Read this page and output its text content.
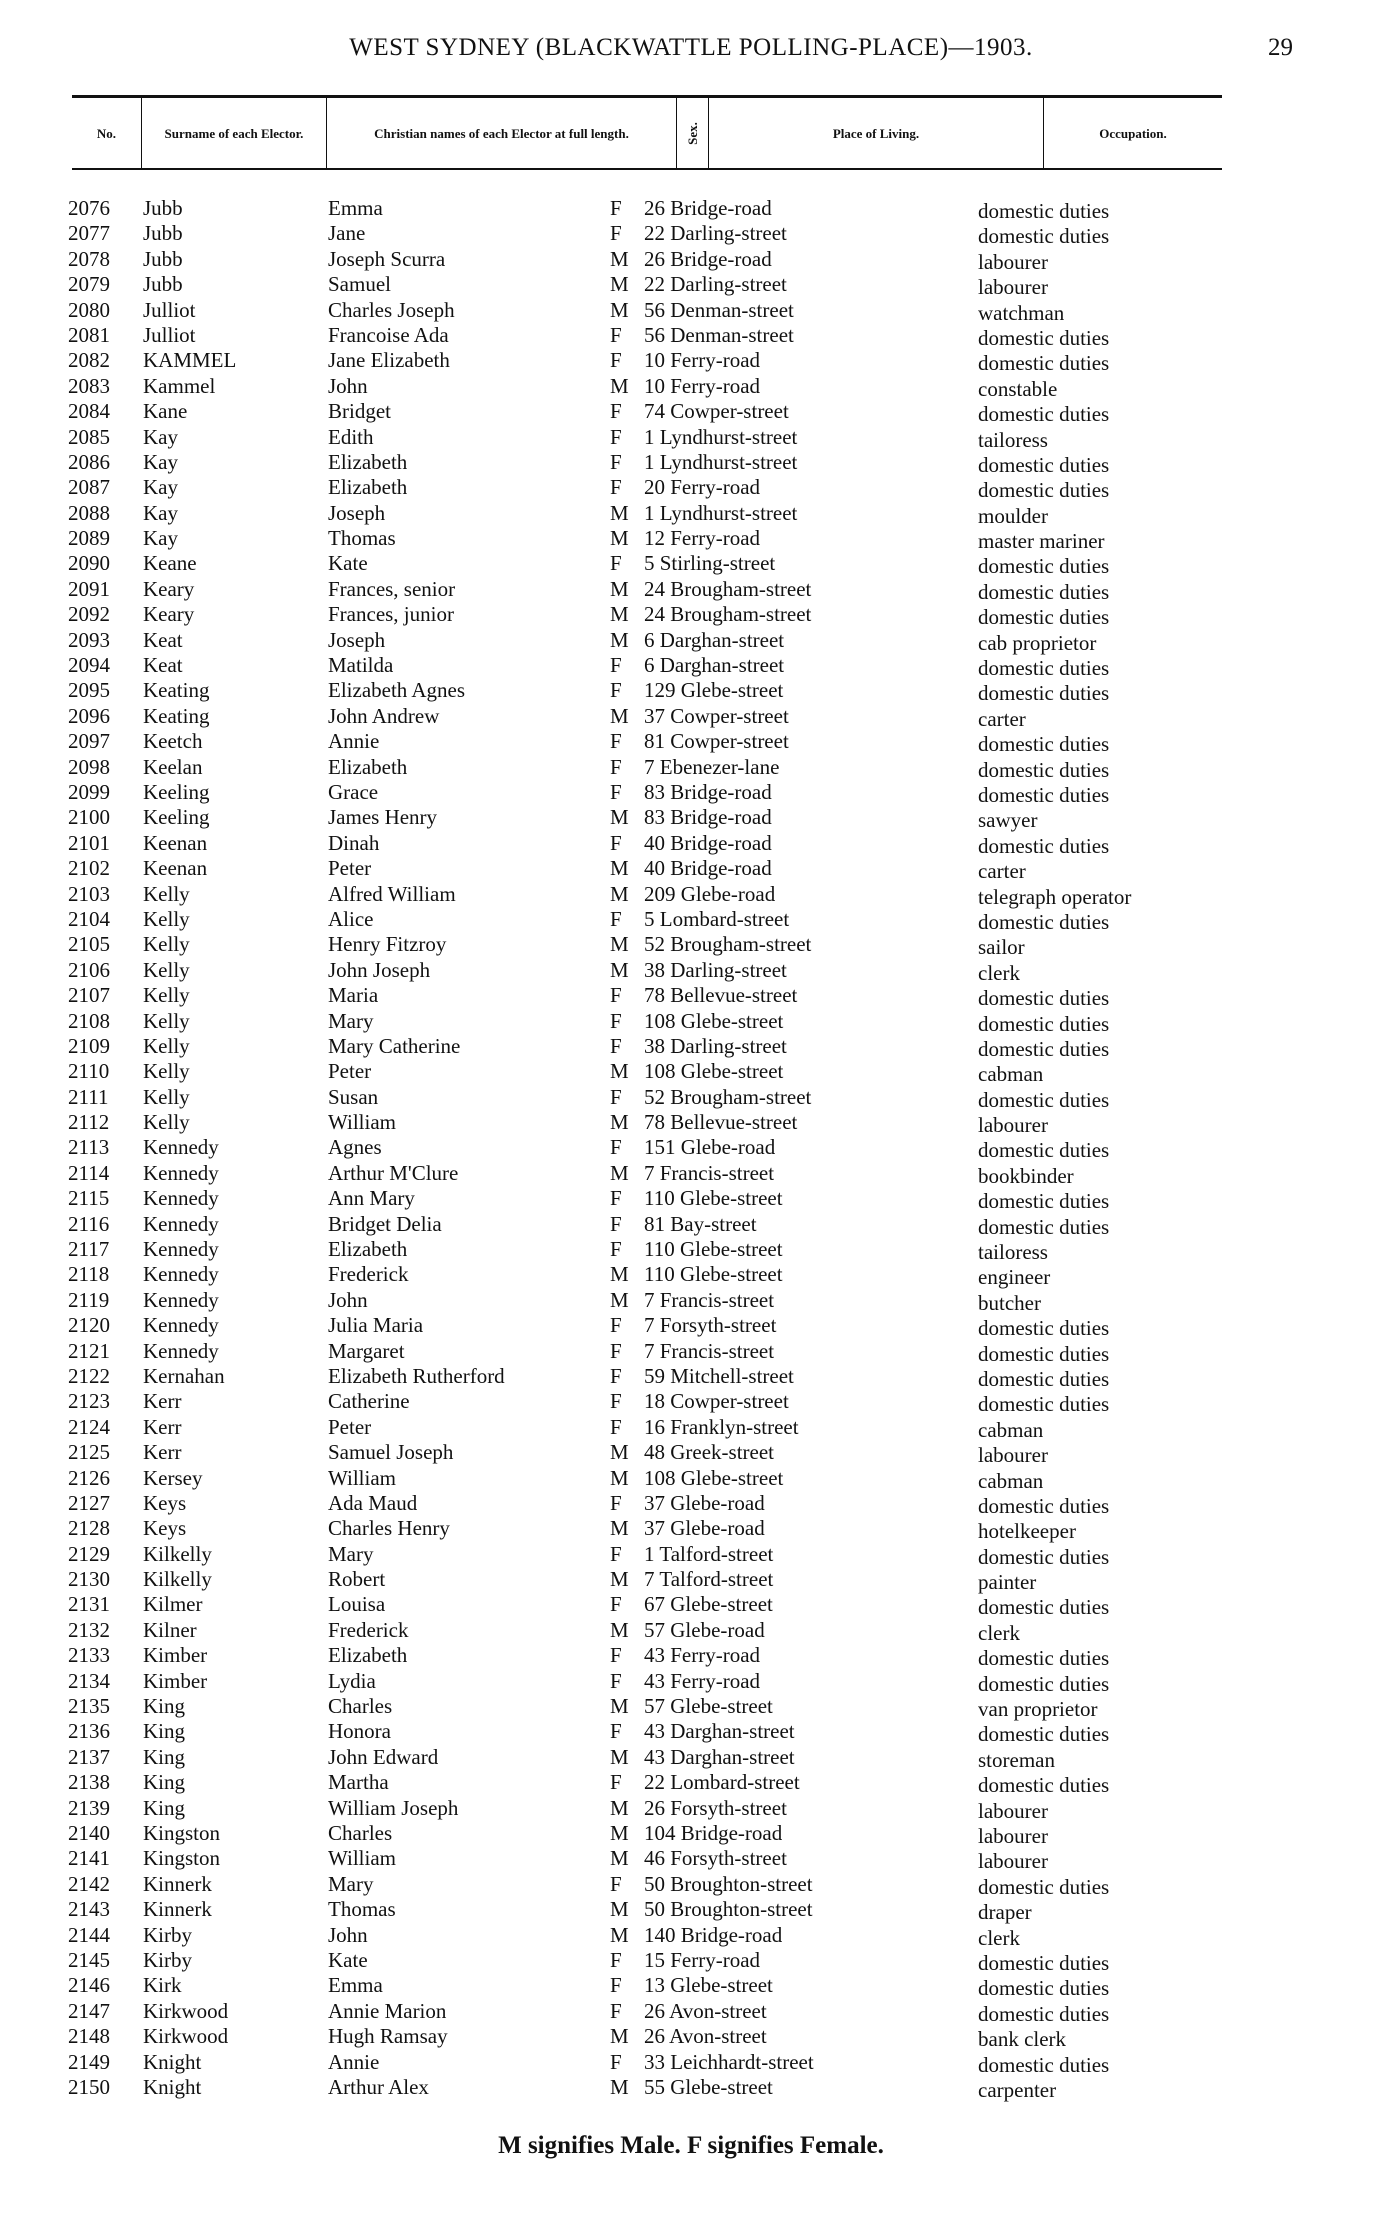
WEST SYDNEY (BLACKWATTLE POLLING-PLACE)—1903.	29
No.	Surname of each Elector.	Christian names of each Elector at full length.	Sex.	Place of Living.	Occupation.
2076 Jubb	Emma	F 26 Bridge-road	domestic duties
2077 Jubb	Jane	F 22 Darling-street	domestic duties
2078 Jubb	Joseph Scurra	M 26 Bridge-road	labourer
2079 Jubb	Samuel	M 22 Darling-street	labourer
2080 Julliot	Charles Joseph	M 56 Denman-street	watchman
2081 Julliot	Francoise Ada	F 56 Denman-street	domestic duties
2082 KAMMEL	Jane Elizabeth	F 10 Ferry-road	domestic duties
2083 Kammel	John	M 10 Ferry-road	constable
2084 Kane	Bridget	F 74 Cowper-street	domestic duties
2085 Kay	Edith	F 1 Lyndhurst-street	tailoress
2086 Kay	Elizabeth	F 1 Lyndhurst-street	domestic duties
2087 Kay	Elizabeth	F 20 Ferry-road	domestic duties
2088 Kay	Joseph	M 1 Lyndhurst-street	moulder
2089 Kay	Thomas	M 12 Ferry-road	master mariner
2090 Keane	Kate	F 5 Stirling-street	domestic duties
2091 Keary	Frances, senior	M 24 Brougham-street	domestic duties
2092 Keary	Frances, junior	M 24 Brougham-street	domestic duties
2093 Keat	Joseph	M 6 Darghan-street	cab proprietor
2094 Keat	Matilda	F 6 Darghan-street	domestic duties
2095 Keating	Elizabeth Agnes	F 129 Glebe-street	domestic duties
2096 Keating	John Andrew	M 37 Cowper-street	carter
2097 Keetch	Annie	F 81 Cowper-street	domestic duties
2098 Keelan	Elizabeth	F 7 Ebenezer-lane	domestic duties
2099 Keeling	Grace	F 83 Bridge-road	domestic duties
2100 Keeling	James Henry	M 83 Bridge-road	sawyer
2101 Keenan	Dinah	F 40 Bridge-road	domestic duties
2102 Keenan	Peter	M 40 Bridge-road	carter
2103 Kelly	Alfred William	M 209 Glebe-road	telegraph operator
2104 Kelly	Alice	F 5 Lombard-street	domestic duties
2105 Kelly	Henry Fitzroy	M 52 Brougham-street	sailor
2106 Kelly	John Joseph	M 38 Darling-street	clerk
2107 Kelly	Maria	F 78 Bellevue-street	domestic duties
2108 Kelly	Mary	F 108 Glebe-street	domestic duties
2109 Kelly	Mary Catherine	F 38 Darling-street	domestic duties
2110 Kelly	Peter	M 108 Glebe-street	cabman
2111 Kelly	Susan	F 52 Brougham-street	domestic duties
2112 Kelly	William	M 78 Bellevue-street	labourer
2113 Kennedy	Agnes	F 151 Glebe-road	domestic duties
2114 Kennedy	Arthur M'Clure	M 7 Francis-street	bookbinder
2115 Kennedy	Ann Mary	F 110 Glebe-street	domestic duties
2116 Kennedy	Bridget Delia	F 81 Bay-street	domestic duties
2117 Kennedy	Elizabeth	F 110 Glebe-street	tailoress
2118 Kennedy	Frederick	M 110 Glebe-street	engineer
2119 Kennedy	John	M 7 Francis-street	butcher
2120 Kennedy	Julia Maria	F 7 Forsyth-street	domestic duties
2121 Kennedy	Margaret	F 7 Francis-street	domestic duties
2122 Kernahan	Elizabeth Rutherford	F 59 Mitchell-street	domestic duties
2123 Kerr	Catherine	F 18 Cowper-street	domestic duties
2124 Kerr	Peter	F 16 Franklyn-street	cabman
2125 Kerr	Samuel Joseph	M 48 Greek-street	labourer
2126 Kersey	William	M 108 Glebe-street	cabman
2127 Keys	Ada Maud	F 37 Glebe-road	domestic duties
2128 Keys	Charles Henry	M 37 Glebe-road	hotelkeeper
2129 Kilkelly	Mary	F 1 Talford-street	domestic duties
2130 Kilkelly	Robert	M 7 Talford-street	painter
2131 Kilmer	Louisa	F 67 Glebe-street	domestic duties
2132 Kilner	Frederick	M 57 Glebe-road	clerk
2133 Kimber	Elizabeth	F 43 Ferry-road	domestic duties
2134 Kimber	Lydia	F 43 Ferry-road	domestic duties
2135 King	Charles	M 57 Glebe-street	van proprietor
2136 King	Honora	F 43 Darghan-street	domestic duties
2137 King	John Edward	M 43 Darghan-street	storeman
2138 King	Martha	F 22 Lombard-street	domestic duties
2139 King	William Joseph	M 26 Forsyth-street	labourer
2140 Kingston	Charles	M 104 Bridge-road	labourer
2141 Kingston	William	M 46 Forsyth-street	labourer
2142 Kinnerk	Mary	F 50 Broughton-street	domestic duties
2143 Kinnerk	Thomas	M 50 Broughton-street	draper
2144 Kirby	John	M 140 Bridge-road	clerk
2145 Kirby	Kate	F 15 Ferry-road	domestic duties
2146 Kirk	Emma	F 13 Glebe-street	domestic duties
2147 Kirkwood	Annie Marion	F 26 Avon-street	domestic duties
2148 Kirkwood	Hugh Ramsay	M 26 Avon-street	bank clerk
2149 Knight	Annie	F 33 Leichhardt-street	domestic duties
2150 Knight	Arthur Alex	M 55 Glebe-street	carpenter
M signifies Male. F signifies Female.
